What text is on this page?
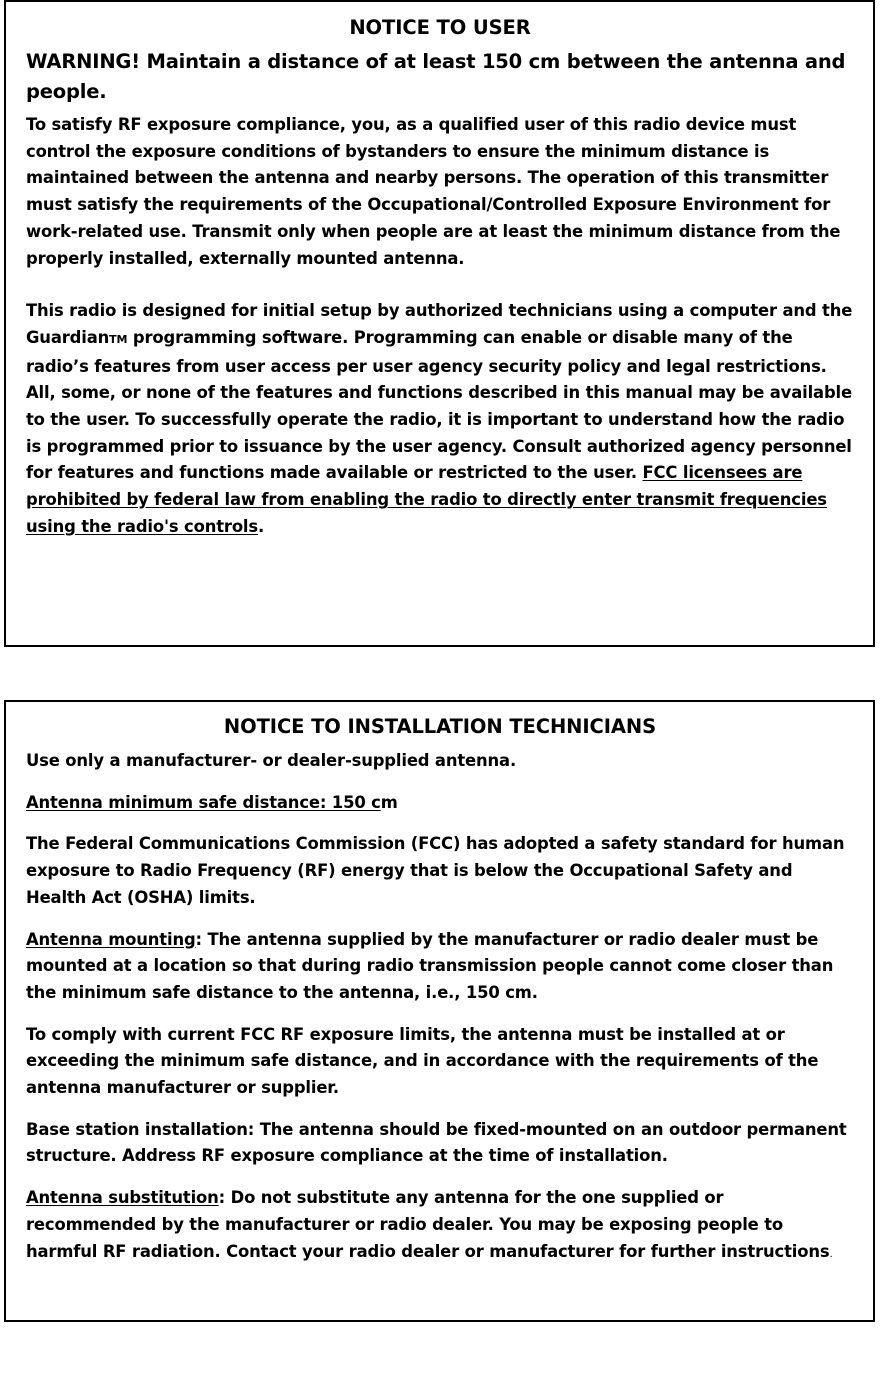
NOTICE TO USER
WARNING! Maintain a distance of at least 150 cm between the antenna and people.
To satisfy RF exposure compliance, you, as a qualified user of this radio device must control the exposure conditions of bystanders to ensure the minimum distance is maintained between the antenna and nearby persons. The operation of this transmitter must satisfy the requirements of the Occupational/Controlled Exposure Environment for work-related use. Transmit only when people are at least the minimum distance from the properly installed, externally mounted antenna.
This radio is designed for initial setup by authorized technicians using a computer and the GuardianTM programming software. Programming can enable or disable many of the radio’s features from user access per user agency security policy and legal restrictions. All, some, or none of the features and functions described in this manual may be available to the user. To successfully operate the radio, it is important to understand how the radio is programmed prior to issuance by the user agency. Consult authorized agency personnel for features and functions made available or restricted to the user. FCC licensees are prohibited by federal law from enabling the radio to directly enter transmit frequencies using the radio's controls.
NOTICE TO INSTALLATION TECHNICIANS
Use only a manufacturer- or dealer-supplied antenna.
Antenna minimum safe distance: 150 cm
The Federal Communications Commission (FCC) has adopted a safety standard for human exposure to Radio Frequency (RF) energy that is below the Occupational Safety and Health Act (OSHA) limits.
Antenna mounting: The antenna supplied by the manufacturer or radio dealer must be mounted at a location so that during radio transmission people cannot come closer than the minimum safe distance to the antenna, i.e., 150 cm.
To comply with current FCC RF exposure limits, the antenna must be installed at or exceeding the minimum safe distance, and in accordance with the requirements of the antenna manufacturer or supplier.
Base station installation: The antenna should be fixed-mounted on an outdoor permanent structure. Address RF exposure compliance at the time of installation.
Antenna substitution: Do not substitute any antenna for the one supplied or recommended by the manufacturer or radio dealer. You may be exposing people to harmful RF radiation. Contact your radio dealer or manufacturer for further instructions.
